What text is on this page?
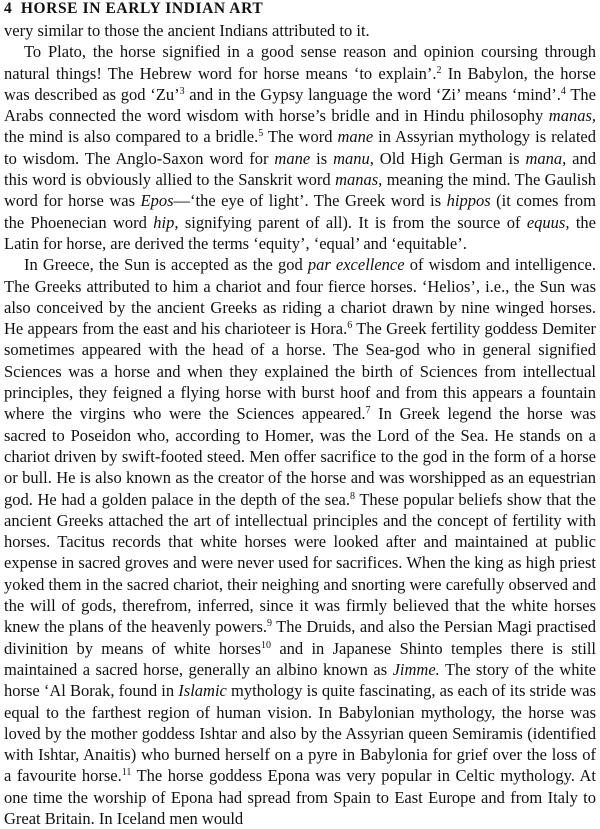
4 HORSE IN EARLY INDIAN ART

very similar to those the ancient Indians attributed to it.

To Plato, the horse signified in a good sense reason and opinion coursing through natural things! The Hebrew word for horse means ‘to explain’.$^2$ In Babylon, the horse was described as god ‘Zu’$^3$ and in the Gypsy language the word ‘Zi’ means ‘mind’.$^4$ The Arabs connected the word wisdom with horse’s bridle and in Hindu philosophy manas, the mind is also compared to a bridle.$^5$ The word mane in Assyrian mythology is related to wisdom. The Anglo-Saxon word for mane is manu, Old High German is mana, and this word is obviously allied to the Sanskrit word manas, meaning the mind. The Gaulish word for horse was Epos—‘the eye of light’. The Greek word is hippos (it comes from the Phoenecian word hip, signifying parent of all). It is from the source of equus, the Latin for horse, are derived the terms ‘equity’, ‘equal’ and ‘equitable’.

In Greece, the Sun is accepted as the god par excellence of wisdom and intelligence. The Greeks attributed to him a chariot and four fierce horses. ‘Helios’, i.e., the Sun was also conceived by the ancient Greeks as riding a chariot drawn by nine winged horses. He appears from the east and his charioteer is Hora.$^6$ The Greek fertility goddess Demiter sometimes appeared with the head of a horse. The Sea-god who in general signified Sciences was a horse and when they explained the birth of Sciences from intellectual principles, they feigned a flying horse with burst hoof and from this appears a fountain where the virgins who were the Sciences appeared.$^7$ In Greek legend the horse was sacred to Poseidon who, according to Homer, was the Lord of the Sea. He stands on a chariot driven by swift-footed steed. Men offer sacrifice to the god in the form of a horse or bull. He is also known as the creator of the horse and was worshipped as an equestrian god. He had a golden palace in the depth of the sea.$^8$ These popular beliefs show that the ancient Greeks attached the art of intellectual principles and the concept of fertility with horses. Tacitus records that white horses were looked after and maintained at public expense in sacred groves and were never used for sacrifices. When the king as high priest yoked them in the sacred chariot, their neighing and snorting were carefully observed and the will of gods, therefrom, inferred, since it was firmly believed that the white horses knew the plans of the heavenly powers.$^9$ The Druids, and also the Persian Magi practised divinition by means of white horses$^{10}$ and in Japanese Shinto temples there is still maintained a sacred horse, generally an albino known as Jimme. The story of the white horse ‘Al Borak, found in Islamic mythology is quite fascinating, as each of its stride was equal to the farthest region of human vision. In Babylonian mythology, the horse was loved by the mother goddess Ishtar and also by the Assyrian queen Semiramis (identified with Ishtar, Anaitis) who burned herself on a pyre in Babylonia for grief over the loss of a favourite horse.$^{11}$ The horse goddess Epona was very popular in Celtic mythology. At one time the worship of Epona had spread from Spain to East Europe and from Italy to Great Britain. In Iceland men would
